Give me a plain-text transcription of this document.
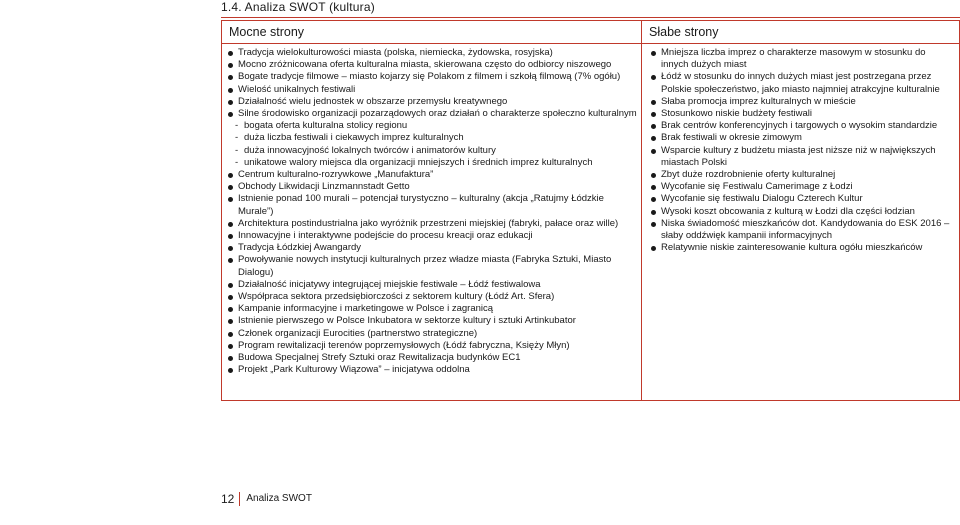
1.4. Analiza SWOT (kultura)
Mocne strony
Tradycja wielokulturowości miasta (polska, niemiecka, żydowska, rosyjska)
Mocno zróżnicowana oferta kulturalna miasta, skierowana często do odbiorcy niszowego
Bogate tradycje filmowe – miasto kojarzy się Polakom z filmem i szkołą filmową (7% ogółu)
Wielość unikalnych festiwali
Działalność wielu jednostek w obszarze przemysłu kreatywnego
Silne środowisko organizacji pozarządowych oraz działań o charakterze społeczno kulturalnym
-
bogata oferta kulturalna stolicy regionu
-
duża liczba festiwali i ciekawych imprez kulturalnych
-
duża innowacyjność lokalnych twórców i animatorów kultury
-
unikatowe walory miejsca dla organizacji mniejszych i średnich imprez kulturalnych
Centrum kulturalno-rozrywkowe „Manufaktura”
Obchody Likwidacji Linzmannstadt Getto
Istnienie ponad 100 murali – potencjał turystyczno – kulturalny (akcja „Ratujmy Łódzkie Murale”)
Architektura postindustrialna jako wyróżnik przestrzeni miejskiej (fabryki, pałace oraz wille)
Innowacyjne i interaktywne podejście do procesu kreacji oraz edukacji
Tradycja Łódzkiej Awangardy
Powoływanie nowych instytucji kulturalnych przez władze miasta (Fabryka Sztuki, Miasto Dialogu)
Działalność inicjatywy integrującej miejskie festiwale – Łódź festiwalowa
Współpraca sektora przedsiębiorczości z sektorem kultury (Łódź Art. Sfera)
Kampanie informacyjne i marketingowe w Polsce i zagranicą
Istnienie pierwszego w Polsce Inkubatora w sektorze kultury i sztuki Artinkubator
Członek organizacji Eurocities (partnerstwo strategiczne)
Program rewitalizacji terenów poprzemysłowych (Łódź fabryczna, Księży Młyn)
Budowa Specjalnej Strefy Sztuki oraz Rewitalizacja budynków EC1
Projekt „Park Kulturowy Wiązowa” – inicjatywa oddolna
Słabe strony
Mniejsza liczba imprez o charakterze masowym w stosunku do innych dużych miast
Łódź w stosunku do innych dużych miast jest postrzegana przez Polskie społeczeństwo, jako miasto najmniej atrakcyjne kulturalnie
Słaba promocja imprez kulturalnych w mieście
Stosunkowo niskie budżety festiwali
Brak centrów konferencyjnych i targowych o wysokim standardzie
Brak festiwali w okresie zimowym
Wsparcie kultury z budżetu miasta jest niższe niż w największych miastach Polski
Zbyt duże rozdrobnienie oferty kulturalnej
Wycofanie się Festiwalu Camerimage z Łodzi
Wycofanie się festiwalu Dialogu Czterech Kultur
Wysoki koszt obcowania z kulturą w Łodzi dla części łodzian
Niska świadomość mieszkańców dot. Kandydowania do ESK 2016 – słaby oddźwięk kampanii informacyjnych
Relatywnie niskie zainteresowanie kultura ogółu mieszkańców
12	Analiza SWOT
